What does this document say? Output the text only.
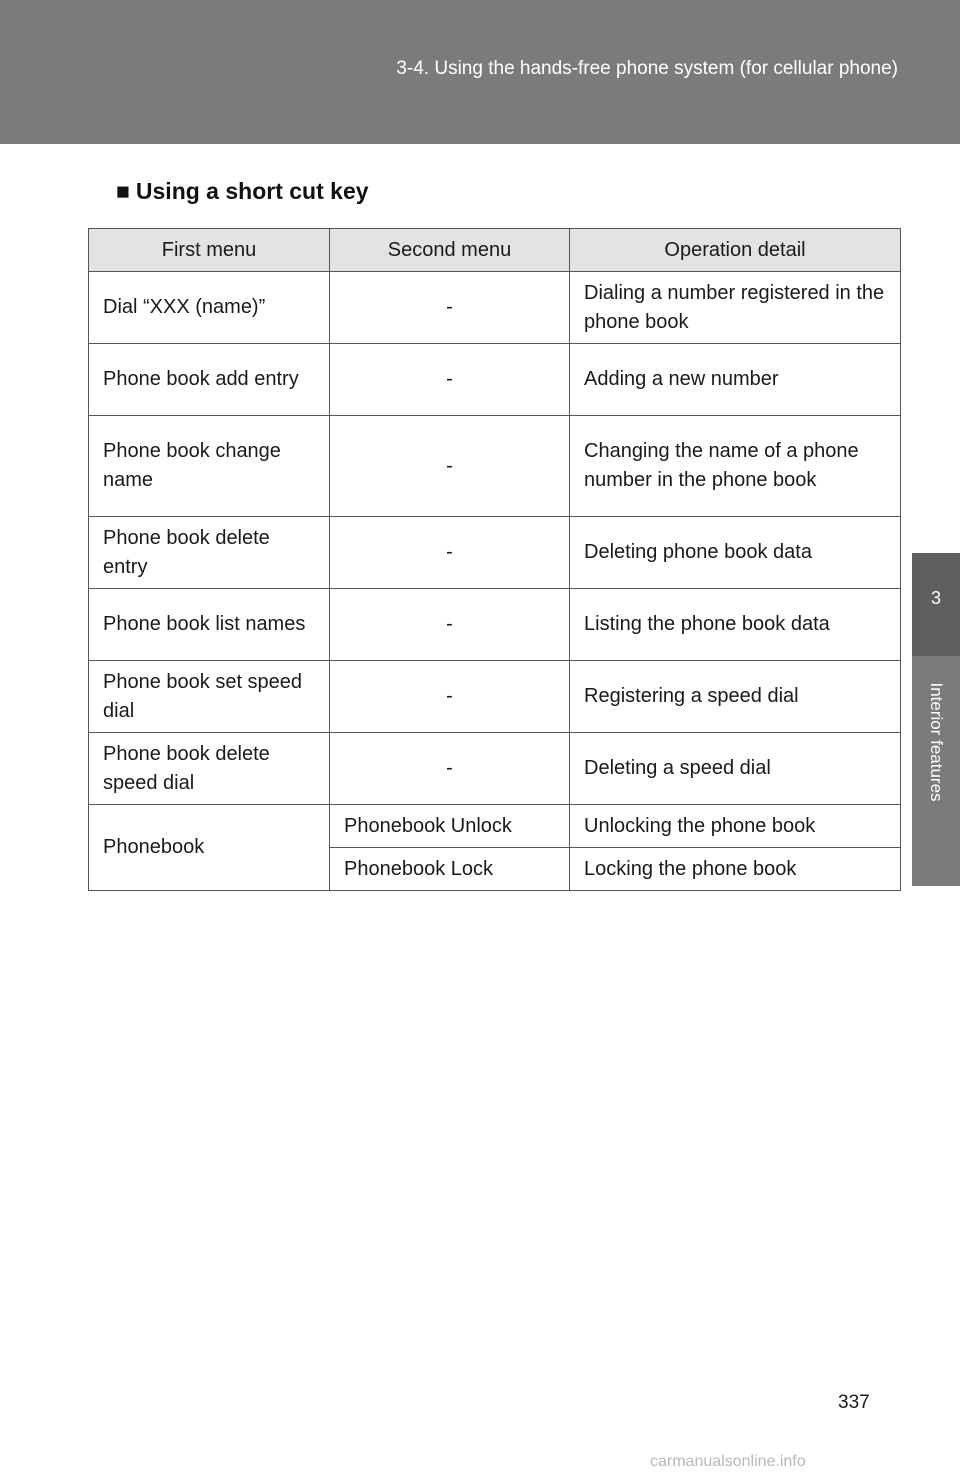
3-4. Using the hands-free phone system (for cellular phone)
3
Interior features
■ Using a short cut key
First menu	Second menu	Operation detail
Dial “XXX (name)”	-	Dialing a number registered in the phone book
Phone book add entry	-	Adding a new number
Phone book change name	-	Changing the name of a phone number in the phone book
Phone book delete entry	-	Deleting phone book data
Phone book list names	-	Listing the phone book data
Phone book set speed dial	-	Registering a speed dial
Phone book delete speed dial	-	Deleting a speed dial
Phonebook	Phonebook Unlock	Unlocking the phone book
	Phonebook Lock	Locking the phone book
337
carmanualsonline.info
